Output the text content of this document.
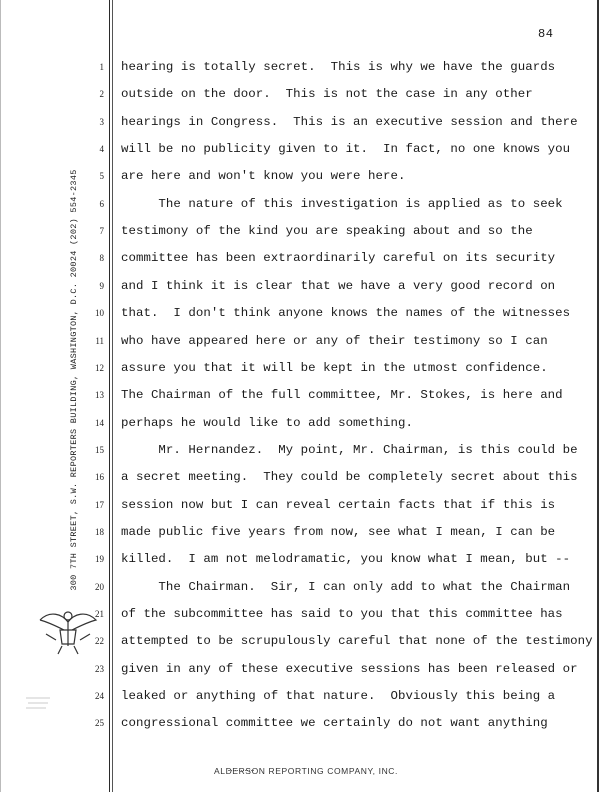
84
300 7TH STREET, S.W. REPORTERS BUILDING, WASHINGTON, D.C. 20024 (202) 554-2345
1
2
3
4
5
6
7
8
9
10
11
12
13
14
15
16
17
18
19
20
21
22
23
24
25
hearing is totally secret.  This is why we have the guards
outside on the door.  This is not the case in any other
hearings in Congress.  This is an executive session and there
will be no publicity given to it.  In fact, no one knows you
are here and won't know you were here.
The nature of this investigation is applied as to seek
testimony of the kind you are speaking about and so the
committee has been extraordinarily careful on its security
and I think it is clear that we have a very good record on
that.  I don't think anyone knows the names of the witnesses
who have appeared here or any of their testimony so I can
assure you that it will be kept in the utmost confidence.
The Chairman of the full committee, Mr. Stokes, is here and
perhaps he would like to add something.
Mr. Hernandez.  My point, Mr. Chairman, is this could be
a secret meeting.  They could be completely secret about this
session now but I can reveal certain facts that if this is
made public five years from now, see what I mean, I can be
killed.  I am not melodramatic, you know what I mean, but --
The Chairman.  Sir, I can only add to what the Chairman
of the subcommittee has said to you that this committee has
attempted to be scrupulously careful that none of the testimony
given in any of these executive sessions has been released or
leaked or anything of that nature.  Obviously this being a
congressional committee we certainly do not want anything
ALDERSON REPORTING COMPANY, INC.
